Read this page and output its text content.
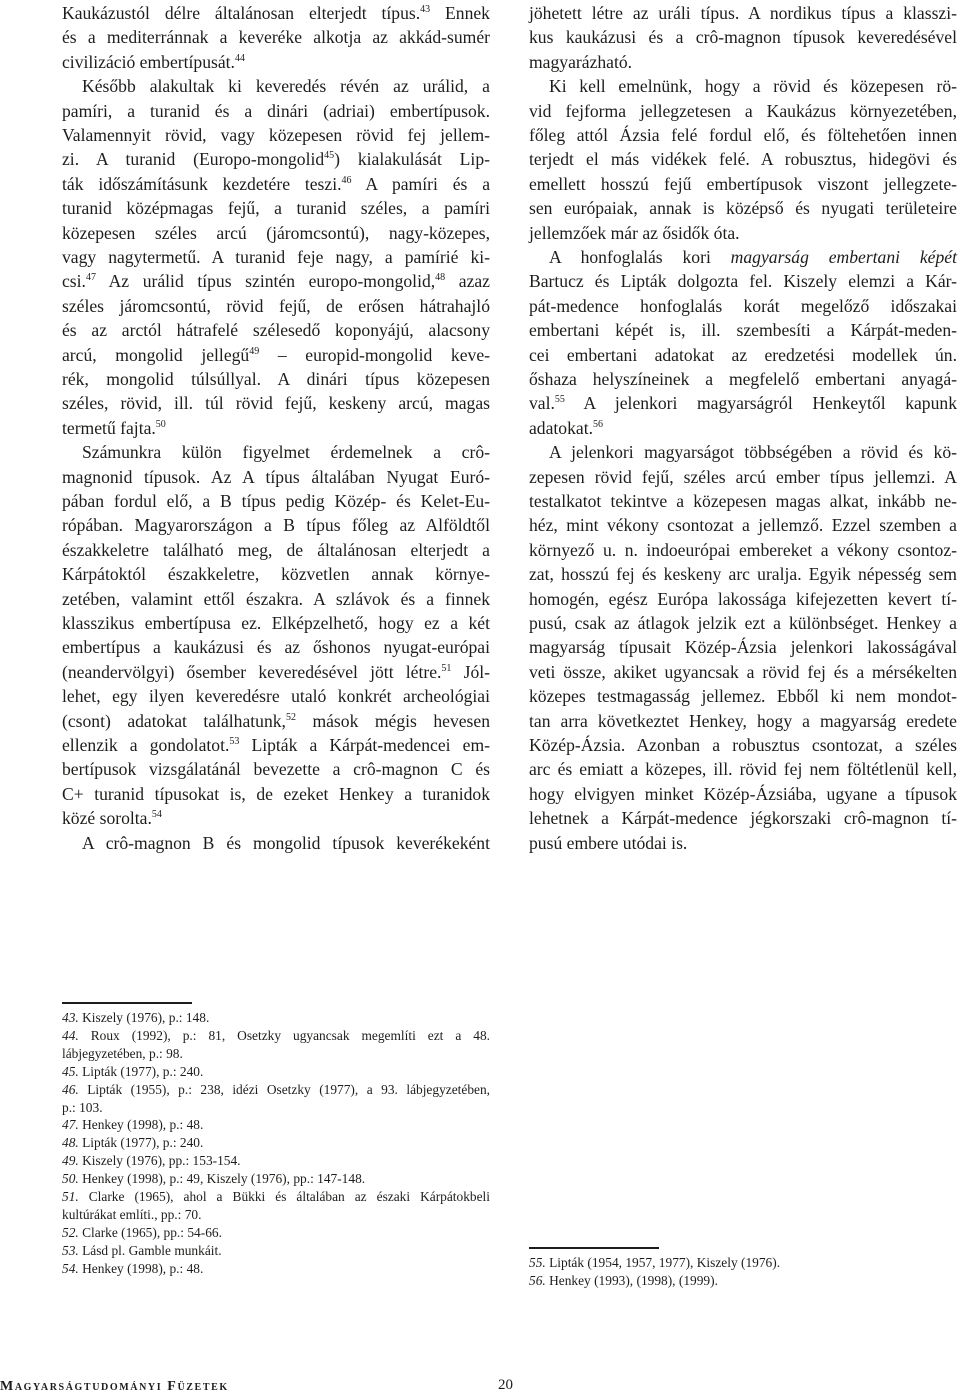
Kaukázustól délre általánosan elterjedt típus.$^{43}$ Ennek
és a mediterránnak a keveréke alkotja az akkád-sumér
civilizáció embertípusát.$^{44}$
Később alakultak ki keveredés révén az urálid, a
pamíri, a turanid és a dinári (adriai) embertípusok.
Valamennyit rövid, vagy közepesen rövid fej jellem-
zi. A turanid (Europo-mongolid$^{45}$) kialakulását Lip-
ták időszámításunk kezdetére teszi.$^{46}$ A pamíri és a
turanid középmagas fejű, a turanid széles, a pamíri
közepesen széles arcú (járomcsontú), nagy-közepes,
vagy nagytermetű. A turanid feje nagy, a pamírié ki-
csi.$^{47}$ Az urálid típus szintén europo-mongolid,$^{48}$ azaz
széles járomcsontú, rövid fejű, de erősen hátrahajló
és az arctól hátrafelé szélesedő koponyájú, alacsony
arcú, mongolid jellegű$^{49}$ – europid-mongolid keve-
rék, mongolid túlsúllyal. A dinári típus közepesen
széles, rövid, ill. túl rövid fejű, keskeny arcú, magas
termetű fajta.$^{50}$
Számunkra külön figyelmet érdemelnek a crô-
magnonid típusok. Az A típus általában Nyugat Euró-
pában fordul elő, a B típus pedig Közép- és Kelet-Eu-
rópában. Magyarországon a B típus főleg az Alföldtől
északkeletre található meg, de általánosan elterjedt a
Kárpátoktól északkeletre, közvetlen annak környe-
zetében, valamint ettől északra. A szlávok és a finnek
klasszikus embertípusa ez. Elképzelhető, hogy ez a két
embertípus a kaukázusi és az őshonos nyugat-európai
(neandervölgyi) ősember keveredésével jött létre.$^{51}$ Jól-
lehet, egy ilyen keveredésre utaló konkrét archeológiai
(csont) adatokat találhatunk,$^{52}$ mások mégis hevesen
ellenzik a gondolatot.$^{53}$ Lipták a Kárpát-medencei em-
bertípusok vizsgálatánál bevezette a crô-magnon C és
C+ turanid típusokat is, de ezeket Henkey a turanidok
közé sorolta.$^{54}$
A crô-magnon B és mongolid típusok keverékeként
43. Kiszely (1976), p.: 148.
44. Roux (1992), p.: 81, Osetzky ugyancsak megemlíti ezt a 48.
lábjegyzetében, p.: 98.
45. Lipták (1977), p.: 240.
46. Lipták (1955), p.: 238, idézi Osetzky (1977), a 93. lábjegyzetében,
p.: 103.
47. Henkey (1998), p.: 48.
48. Lipták (1977), p.: 240.
49. Kiszely (1976), pp.: 153-154.
50. Henkey (1998), p.: 49, Kiszely (1976), pp.: 147-148.
51. Clarke (1965), ahol a Bükki és általában az északi Kárpátokbeli
kultúrákat említi., pp.: 70.
52. Clarke (1965), pp.: 54-66.
53. Lásd pl. Gamble munkáit.
54. Henkey (1998), p.: 48.
jöhetett létre az uráli típus. A nordikus típus a klasszi-
kus kaukázusi és a crô-magnon típusok keveredésével
magyarázható.
Ki kell emelnünk, hogy a rövid és közepesen rö-
vid fejforma jellegzetesen a Kaukázus környezetében,
főleg attól Ázsia felé fordul elő, és föltehetően innen
terjedt el más vidékek felé. A robusztus, hidegövi és
emellett hosszú fejű embertípusok viszont jellegzete-
sen európaiak, annak is középső és nyugati területeire
jellemzőek már az ősidők óta.
A honfoglalás kori magyarság embertani képét
Bartucz és Lipták dolgozta fel. Kiszely elemzi a Kár-
pát-medence honfoglalás korát megelőző időszakai
embertani képét is, ill. szembesíti a Kárpát-meden-
cei embertani adatokat az eredzetési modellek ún.
őshaza helyszíneinek a megfelelő embertani anyagá-
val.$^{55}$ A jelenkori magyarságról Henkeytől kapunk
adatokat.$^{56}$
A jelenkori magyarságot többségében a rövid és kö-
zepesen rövid fejű, széles arcú ember típus jellemzi. A
testalkatot tekintve a közepesen magas alkat, inkább ne-
héz, mint vékony csontozat a jellemző. Ezzel szemben a
környező u. n. indoeurópai embereket a vékony csontoz-
zat, hosszú fej és keskeny arc uralja. Egyik népesség sem
homogén, egész Európa lakossága kifejezetten kevert tí-
pusú, csak az átlagok jelzik ezt a különbséget. Henkey a
magyarság típusait Közép-Ázsia jelenkori lakosságával
veti össze, akiket ugyancsak a rövid fej és a mérsékelten
közepes testmagasság jellemez. Ebből ki nem mondot-
tan arra következtet Henkey, hogy a magyarság eredete
Közép-Ázsia. Azonban a robusztus csontozat, a széles
arc és emiatt a közepes, ill. rövid fej nem föltétlenül kell,
hogy elvigyen minket Közép-Ázsiába, ugyane a típusok
lehetnek a Kárpát-medence jégkorszaki crô-magnon tí-
pusú embere utódai is.
55. Lipták (1954, 1957, 1977), Kiszely (1976).
56. Henkey (1993), (1998), (1999).
Magyarságtudományi Füzetek	20
